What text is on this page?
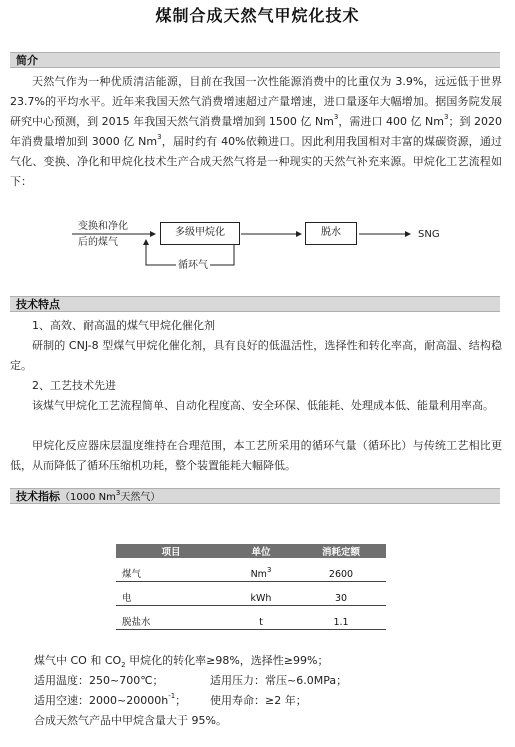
煤制合成天然气甲烷化技术
简介
天然气作为一种优质清洁能源，目前在我国一次性能源消费中的比重仅为 3.9%，远远低于世界 23.7%的平均水平。近年来我国天然气消费增速超过产量增速，进口量逐年大幅增加。据国务院发展研究中心预测，到 2015 年我国天然气消费量增加到 1500 亿 Nm$^3$，需进口 400 亿 Nm$^3$；到 2020 年消费量增加到 3000 亿 Nm$^3$，届时约有 40%依赖进口。因此利用我国相对丰富的煤碳资源，通过气化、变换、净化和甲烷化技术生产合成天然气将是一种现实的天然气补充来源。甲烷化工艺流程如下：
变换和净化
后的煤气
多级甲烷化	脱水	SNG
循环气
技术特点
1、高效、耐高温的煤气甲烷化催化剂
研制的 CNJ-8 型煤气甲烷化催化剂，具有良好的低温活性，选择性和转化率高，耐高温、结构稳定。
2、工艺技术先进
该煤气甲烷化工艺流程简单、自动化程度高、安全环保、低能耗、处理成本低、能量利用率高。
甲烷化反应器床层温度维持在合理范围，本工艺所采用的循环气量（循环比）与传统工艺相比更低，从而降低了循环压缩机功耗，整个装置能耗大幅降低。
技术指标（1000 Nm$^3$天然气）
项目	单位	消耗定额
煤气	Nm$^3$	2600
电	kWh	30
脱盐水	t	1.1
煤气中 CO 和 $CO_2$ 甲烷化的转化率≥98%，选择性≥99%；
适用温度：250~700℃；	适用压力：常压~6.0MPa；
适用空速：$2000\sim 20000h^{-1}$； 使用寿命：≥2 年；
合成天然气产品中甲烷含量大于 95%。
